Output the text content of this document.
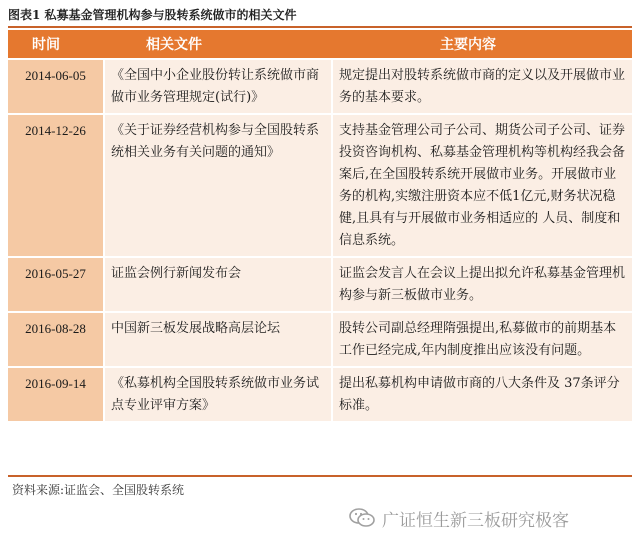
图表1 私募基金管理机构参与股转系统做市的相关文件
时间	相关文件	主要内容
2014-06-05	《全国中小企业股份转让系统做市商做市业务管理规定(试行)》	规定提出对股转系统做市商的定义以及开展做市业务的基本要求。
2014-12-26	《关于证券经营机构参与全国股转系统相关业务有关问题的通知》	支持基金管理公司子公司、期货公司子公司、证券投资咨询机构、私募基金管理机构等机构经我会备案后,在全国股转系统开展做市业务。开展做市业务的机构,实缴注册资本应不低1亿元,财务状况稳健,且具有与开展做市业务相适应的 人员、制度和信息系统。
2016-05-27	证监会例行新闻发布会	证监会发言人在会议上提出拟允许私募基金管理机构参与新三板做市业务。
2016-08-28	中国新三板发展战略高层论坛	股转公司副总经理隋强提出,私募做市的前期基本工作已经完成,年内制度推出应该没有问题。
2016-09-14	《私募机构全国股转系统做市业务试点专业评审方案》	提出私募机构申请做市商的八大条件及 37条评分标准。
资料来源:证监会、全国股转系统
广证恒生新三板研究极客
